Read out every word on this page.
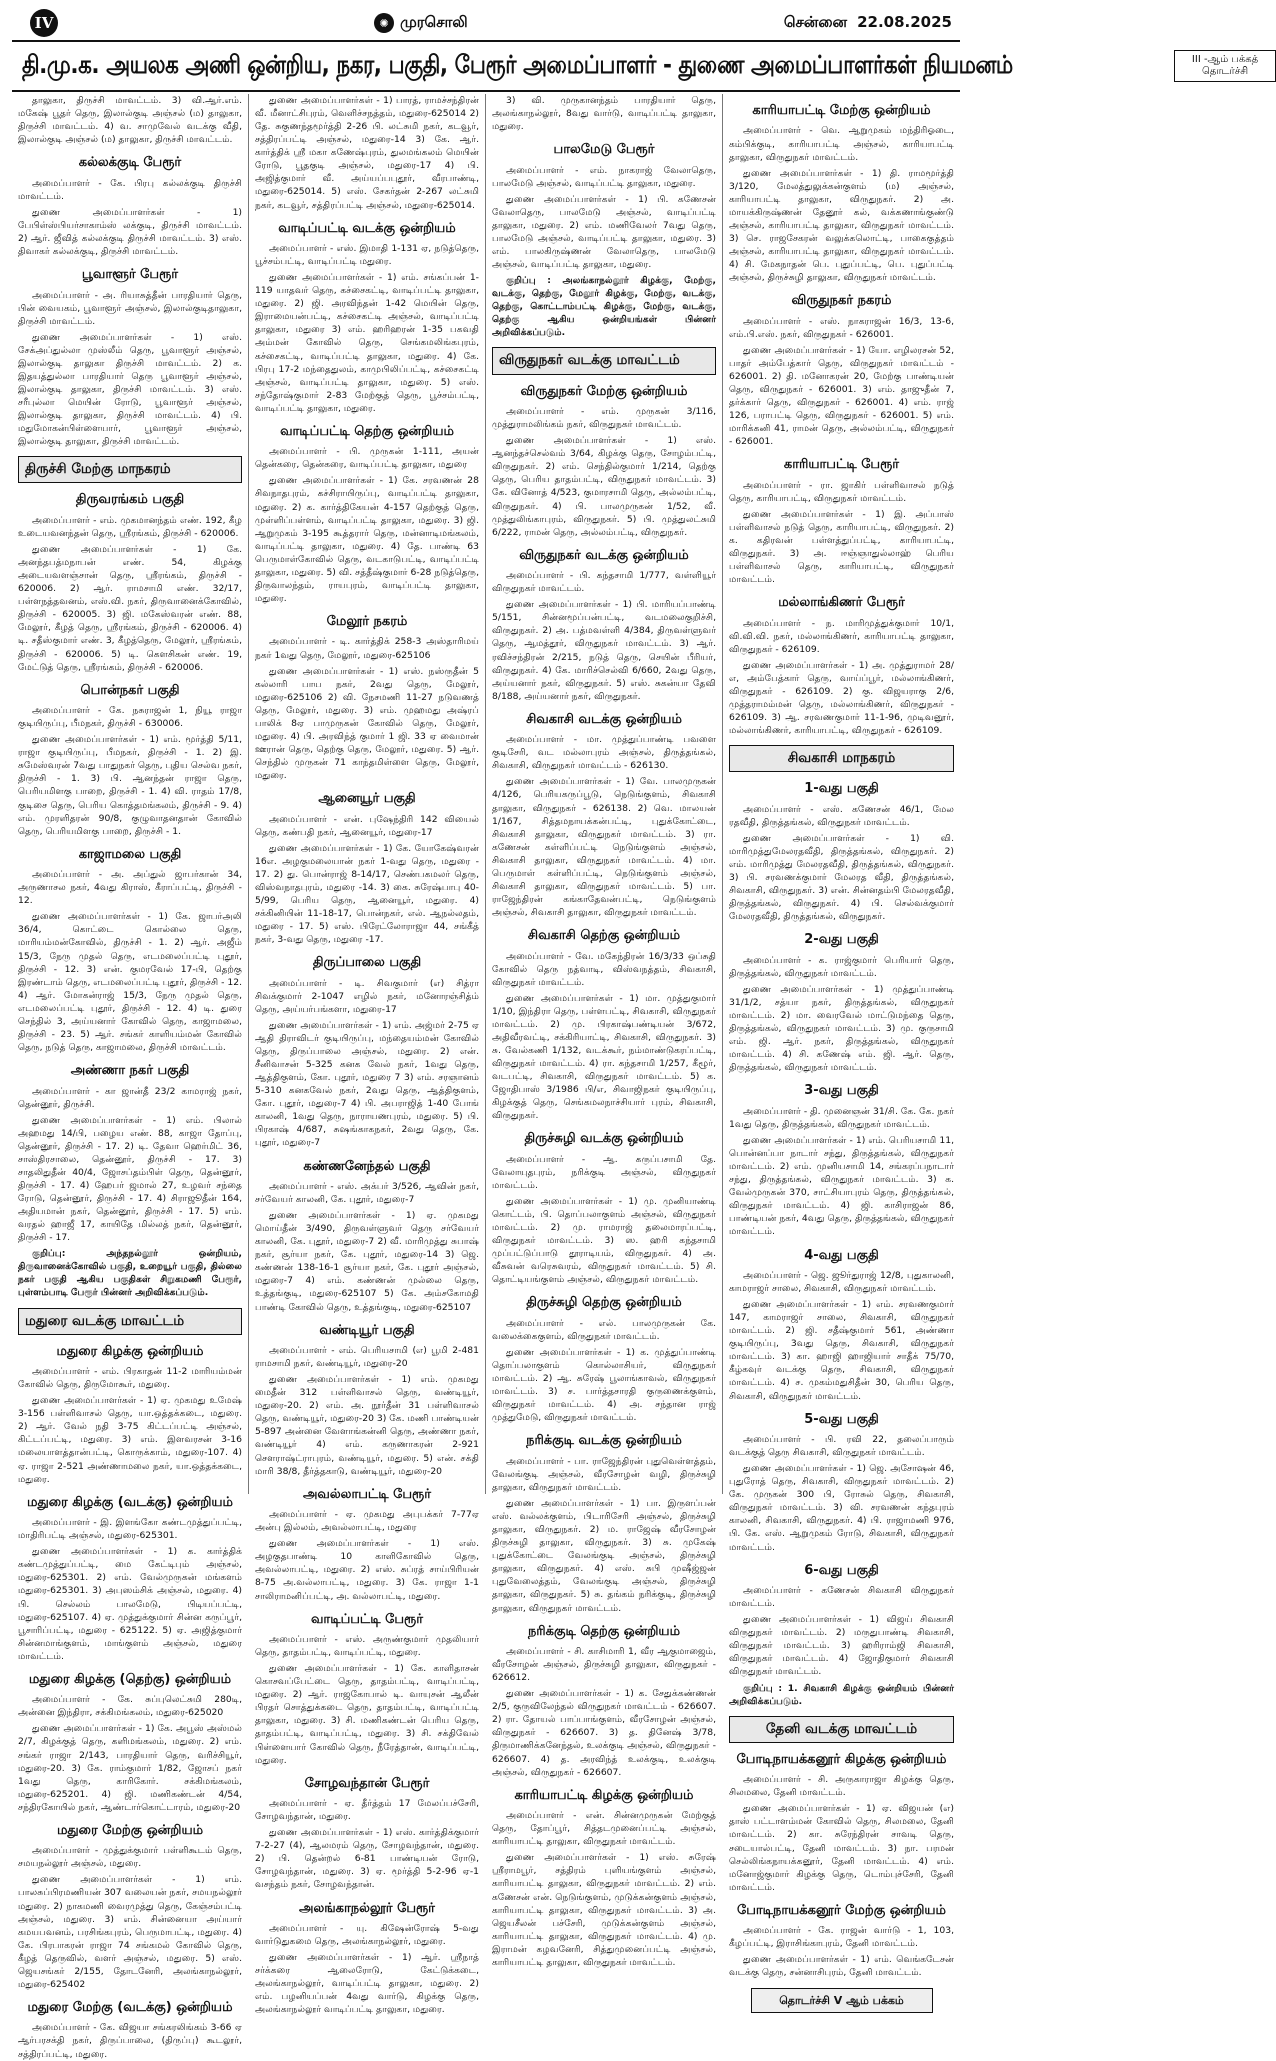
IV	✺ முரசொலி	சென்னை 22.08.2025
தி.மு.க. அயலக அணி ஒன்றிய, நகர, பகுதி, பேரூர் அமைப்பாளர் - துணை அமைப்பாளர்கள் நியமனம்	III -ஆம் பக்கத்
தொடர்ச்சி

தாலுகா, திருச்சி மாவட்டம். 3) வி.ஆர்.எம். மகேஷ் பூதர் தெரு, இலால்குடி அஞ்சல் (ம) தாலுகா, திருச்சி மாவட்டம். 4) வ. சாமுவேல் வடக்கு வீதி, இலால்குடி அஞ்சல் (ம) தாலுகா, திருச்சி மாவட்டம்.

கல்லக்குடி பேரூர்

அமைப்பாளர் - கே. பிரபு கல்லக்குடி திருச்சி மாவட்டம்.

துணை அமைப்பாளர்கள் - 1) பேபிள்ஸ்பியர்சாகாம்ஸ் லக்குடி, திருச்சி மாவட்டம். 2) ஆர். ஜீவித் கல்லக்குடி திருச்சி மாவட்டம். 3) எஸ். திவாகர் கல்லக்குடி, திருச்சி மாவட்டம்.

பூவாளூர் பேரூர்

அமைப்பாளர் - அ. ரியாசுத்தீன் பாரதியார் தெரு, பின் வையகம், பூவாளூர் அஞ்சல், இலால்குடிதாலுகா, திருச்சி மாவட்டம்.

துணை அமைப்பாளர்கள் - 1) எஸ். சேக்அப்துல்லா முஸ்லீம் தெரு, பூவாளூர் அஞ்சல், இலால்குடி தாலுகா திருச்சி மாவட்டம். 2) க. இதயத்துல்லா பாரதியார் தெரு பூவாளூர் அஞ்சல், இலால்குடி தாலுகா, திருச்சி மாவட்டம். 3) எஸ். சரீபுல்லா மெயின் ரோடு, பூவாளூர் அஞ்சல், இலால்குடி தாலுகா, திருச்சி மாவட்டம். 4) பி. மதுமோகன்பிள்ளையார், பூவாளூர் அஞ்சல், இலால்குடி தாலுகா, திருச்சி மாவட்டம்.

திருச்சி மேற்கு மாநகரம்
திருவரங்கம் பகுதி

அமைப்பாளர் - எம். முகமானந்தம் எண். 192, கீழ உடையவனந்தன் தெரு, ஸ்ரீரங்கம், திருச்சி - 620006.

துணை அமைப்பாளர்கள் - 1) கே. அனந்தபத்மநாபன் எண். 54, கிழக்கு அடையவளஞ்சான் தெரு, ஸ்ரீரங்கம், திருச்சி - 620006. 2) ஆர். ராமசாமி எண். 32/17, பள்ளநத்தவனம், எஸ்.வி. நகர், திருவானைக்கோவில், திருச்சி - 620005. 3) ஜி. மகேஸ்வரன் எண். 88, மேலூர், கீழத் தெரு, ஸ்ரீரங்கம், திருச்சி - 620006. 4) டி. சதீஸ்குமார் எண். 3, கீழத்தெரு, மேலூர், ஸ்ரீரங்கம், திருச்சி - 620006. 5) டி. கௌசிகன் எண். 19, மேட்டுத் தெரு, ஸ்ரீரங்கம், திருச்சி - 620006.

பொன்நகர் பகுதி

அமைப்பாளர் - கே. நசுராஜன் 1, நியூ ராஜா குடியிருப்பு, பீமநகர், திருச்சி - 630006.

துணை அமைப்பாளர்கள் - 1) எம். மூர்த்தி 5/11, ராஜா குடியிருப்பு, பீமநகர், திருச்சி - 1. 2) இ. சுமேஸ்வரன் 7வது பாதுநகர் தெரு, புதிய செல்வ நகர், திருச்சி - 1. 3) பி. ஆனந்தன் ராஜா தெரு, பெரியமிளகு பாறை, திருச்சி - 1. 4) வி. ராதம் 17/8, குடிசை தெரு, பெரிய கொத்தமங்கலம், திருச்சி - 9. 4) எம். முரளிதரன் 90/8, குழுவாதனதான் கோவில் தெரு, பெரியமிளகு பாறை, திருச்சி - 1.

காஜாமலை பகுதி

அமைப்பாளர் - அ. அப்துல் ஜாபர்கான் 34, அருணாசல நகர், 4வது கிராஸ், கீராப்பட்டி, திருச்சி - 12.

துணை அமைப்பாளர்கள் - 1) கே. ஜாபர்அலி 36/4, கொட்டை கொல்லை தெரு, மாரியம்மன்கோவில், திருச்சி - 1. 2) ஆர். அஜீம் 15/3, நேரு முதல் தெரு, எடமலைப்பட்டி புதூர், திருச்சி - 12. 3) என். குமரவேல் 17-பி, தெற்கு இரண்டாம் தெரு, எடமலைப்பட்டி புதூர், திருச்சி - 12. 4) ஆர். மோகன்ராஜ் 15/3, நேரு முதல் தெரு, எடமலைப்பட்டி புதூர், திருச்சி - 12. 4) டி. துரை செந்தில் 3, அய்யனார் கோவில் தெரு, காஜாமலை, திருச்சி - 23. 5) ஆர். சங்கர் காளியம்மன் கோவில் தெரு, நடுத் தெரு, காஜாமலை, திருச்சி மாவட்டம்.

அண்ணா நகர் பகுதி

அமைப்பாளர் - கா ஜான்தீ 23/2 காமராஜ் நகர், தென்னூர், திருச்சி.

துணை அமைப்பாளர்கள் - 1) எம். பிலால் அஹமது 14/பி, பழைய எண். 88, காஜா தோப்பு, தென்னூர், திருச்சி - 17. 2) டி. தேவா ஹெர்மிட் 36, சாஸ்திரசாலை, தென்னூர், திருச்சி - 17. 3) சாதலிதுதீன் 40/4, ஜோசப்தம்பிள் தெரு, தென்னூர், திருச்சி - 17. 4) ஹேபர் ஜமால் 27, உழவர் சந்தை ரோடு, தென்னூர், திருச்சி - 17. 4) சிராஜூதீன் 164, அதியமான் நகர், தென்னூர், திருச்சி - 17. 5) எம். வரதல் ஹாஜீ 17, காயிதே மில்லத் நகர், தென்னூர், திருச்சி - 17.

குறிப்பு: அந்தநல்லூர் ஒன்றியம், திருவானைக்கோவில் பகுதி, உறையூர் பகுதி, தில்லை நகர் பகுதி ஆகிய பகுதிகள் சிறுகமணி பேரூர், புள்ளம்பாடி பேரூர் பின்னர் அறிவிக்கப்படும்.

மதுரை வடக்கு மாவட்டம்
மதுரை கிழக்கு ஒன்றியம்

அமைப்பாளர் - எம். பிரகாதன் 11-2 மாரியம்மன் கோவில் தெரு, திருமோகூர், மதுரை.

துணை அமைப்பாளர்கள் - 1) ஏ. முகமது உமேஷ் 3-156 பள்ளிவாசல் தெரு, யா.ஒத்தக்கடை, மதுரை. 2) ஆர். வேல் நதி 3-75 கிட்டப்பட்டி அஞ்சல், கிட்டப்பட்டி, மதுரை. 3) எம். இளவரசன் 3-16 மலையாளத்தான்பட்டி, கொருக்காம், மதுரை-107. 4) ஏ. ராஜா 2-521 அண்ணாமலை நகர், யா.ஒத்தக்கடை, மதுரை.

மதுரை கிழக்கு (வடக்கு) ஒன்றியம்

அமைப்பாளர் - இ. இளங்கோ கண்டமுத்துப்பட்டி, மாதிரிபட்டி அஞ்சல், மதுரை-625301.

துணை அமைப்பாளர்கள் - 1) க. கார்த்திக் கண்டமுத்துப்பட்டி, மை கேட்டிபும் அஞ்சல், மதுரை-625301. 2) எம். வேல்முருகன் மங்களம் மதுரை-625301. 3) அபுஸம்சிக் அஞ்சல், மதுரை. 4) பி. செல்லம் பாலமேடு, பிடியப்பட்டி, மதுரை-625107. 4) ஏ. முத்துக்குமார் சின்ன கருப்பூர், பூசாரிப்பட்டி, மதுரை - 625122. 5) ஏ. அஜித்குமார் சின்னமாங்குளம், மாங்குளம் அஞ்சல், மதுரை மாவட்டம்.

மதுரை கிழக்கு (தெற்கு) ஒன்றியம்

அமைப்பாளர் - கே. சுப்புலெட்சுமி 280டி, அன்னை இந்திரா, சக்கிமங்கலம், மதுரை-625020

துணை அமைப்பாளர்கள் - 1) கே. அபூஸ் அஸ்மல் 2/7, கிழக்குத் தெரு, களிமங்கலம், மதுரை. 2) எம். சங்கர் ராஜா 2/143, பாரதியார் தெரு, வரிச்சியூர், மதுரை-20. 3) கே. ராம்குமார் 1/82, ஜோசப் நகர் 1வது தெரு, காரிகோர். சக்கிமங்கலம், மதுரை-625201. 4) ஜி. மணிகண்டன் 4/54, சந்திரகோயில் நகர், ஆண்டார்கொட்டாரம், மதுரை-20

மதுரை மேற்கு ஒன்றியம்

அமைப்பாளர் - முத்துக்குமார் பள்ளிகூடம் தெரு, சமயநல்லூர் அஞ்சல், மதுரை.

துணை அமைப்பாளர்கள் - 1) எம். பாலசுப்பிரமணியன் 307 வலையன் நகர், சமயநல்லூர் மதுரை. 2) நாகமணி வைரமுத்து தெரு, கேஞ்சம்பட்டி அஞ்சல், மதுரை. 3) எம். சின்னையா அய்யார் கமயபவனம், பரசிங்கபுரம், பெருமாபட்டி, மதுரை. 4) கே. பிரபாகரன் ராஜா 74 சங்கமல் கோவில் தெரு, கீழத் தெருவில், வளர் அஞ்சல், மதுரை. 5) எஸ். ஜெயசங்கர் 2/155, தோடனேரி, அலங்காநல்லூர், மதுரை-625402

மதுரை மேற்கு (வடக்கு) ஒன்றியம்

அமைப்பாளர் - கே. விஜயா சங்கரலிங்கம் 3-66 ஏ ஆர்பரசக்தி நகர், திருப்பாலை, (திருப்பு) கூடலூர், சத்திரப்பட்டி, மதுரை.

துணை அமைப்பாளர்கள் - 1) பாரத், ராமச்சந்திரன் வீ. மீனாட்சிபுரம், வெளிச்சநத்தம், மதுரை-625014 2) தே. சுகுணந்தமூர்த்தி 2-26 பி. லட்சுமி நகர், கடவூர், சத்திரப்பட்டி அஞ்சல், மதுரை-14 3) கே. ஆர். கார்த்திக் ஸ்ரீ மகா கணேஷ்புரம், துலமங்கலம் மெயின் ரோடு, பூதகுடி அஞ்சல், மதுரை-17 4) பி. அஜித்குமார் வீ. அய்யப்பபுதூர், வீரபாண்டி, மதுரை-625014. 5) எஸ். சேகர்தன் 2-267 லட்சுமி நகர், கடவூர், சத்திரப்பட்டி அஞ்சல், மதுரை-625014.

வாடிப்பட்டி வடக்கு ஒன்றியம்

அமைப்பாளர் - எஸ். இமாதி 1-131 ஏ, நடுத்தெரு, பூச்சம்பட்டி, வாடிப்பட்டி மதுரை.

துணை அமைப்பாளர்கள் - 1) எம். சங்கப்பன் 1-119 யாதவர் தெரு, கச்சைகட்டி, வாடிப்பட்டி தாலுகா, மதுரை. 2) ஜி. அரவிந்தன் 1-42 மெயின் தெரு, இராமையன்பட்டி, கச்சைகட்டி அஞ்சல், வாடிப்பட்டி தாலுகா, மதுரை 3) எம். ஹரிஹரன் 1-35 பகவதி அம்மன் கோவில் தெரு, செங்கமலிங்கபுரம், கச்சைகட்டி, வாடிப்பட்டி தாலுகா, மதுரை. 4) கே. பிரபு 17-2 மந்தைதுலம், காமுபிலிப்பட்டி, கச்சைகட்டி அஞ்சல், வாடிப்பட்டி தாலுகா, மதுரை. 5) எஸ். சந்தோஷ்குமார் 2-83 மேற்குத் தெரு, பூச்சம்பட்டி, வாடிப்பட்டி தாலுகா, மதுரை.

வாடிப்பட்டி தெற்கு ஒன்றியம்

அமைப்பாளர் - பி. முருகன் 1-111, அயன் தென்கரை, தென்கரை, வாடிப்பட்டி தாலுகா, மதுரை

துணை அமைப்பாளர்கள் - 1) கே. சரவணன் 28 சிவநாதபுரம், கச்சிராயிருப்பு, வாடிப்பட்டி தாலுகா, மதுரை. 2) க. கார்த்திகேயன் 4-157 தெற்குத் தெரு, முள்ளிப்பள்ளம், வாடிப்பட்டி தாலுகா, மதுரை. 3) ஜி. ஆறுமுகம் 3-195 கூத்தரார் தெரு, மன்னாடிமங்கலம், வாடிப்பட்டி தாலுகா, மதுரை. 4) தே. பாண்டி 63 பெருமாள்கோவில் தெரு, வடகாடுபட்டி, வாடிப்பட்டி தாலுகா, மதுரை. 5) வி. சத்தீஷ்குமார் 6-28 நடுத்தெரு, திருவாலந்தம், ராயபுரம், வாடிப்பட்டி தாலுகா, மதுரை.

மேலூர் நகரம்

அமைப்பாளர் - டி. கார்த்திக் 258-3 அஸ்தாரிமய் நகர் 1வது தெரு, மேலூர், மதுரை-625106

துணை அமைப்பாளர்கள் - 1) எஸ். நஸ்ருதீன் 5 கல்லாரி பாய நகர், 2வது தெரு, மேலூர், மதுரை-625106 2) வி. நேசமணி 11-27 நடுவணத் தெரு, மேலூர், மதுரை. 3) எம். முஹமது அஷ்ரப் பாலிக் 8ஏ பாமுருகன் கோவில் தெரு, மேலூர், மதுரை. 4) பி. அரவிந்த் குமார் 1 ஜி. 33 ஏ வைமான் ஊரான் தெரு, தெற்கு தெரு, மேலூர், மதுரை. 5) ஆர். செந்தில் முருகன் 71 காந்தமிள்ளை தெரு, மேலூர், மதுரை.

ஆனையூர் பகுதி

அமைப்பாளர் - என். புஷேந்திரி 142 வியைல் தெரு, கண்பதி நகர், ஆனையூர், மதுரை-17

துணை அமைப்பாளர்கள் - 1) கே. யோகேஷ்வரன் 16எ. அழகுமலையான் நகர் 1-வது தெரு, மதுரை - 17. 2) து. பொன்ராஜ் 8-14/17, செண்பகமலர் தெரு, விஸ்வநாதபுரம், மதுரை -14. 3) கை. சுரேஷ்பாபு 40-5/99, பெரிய தெரு, ஆனையூர், மதுரை. 4) சக்கினியின் 11-18-17, பொன்நகர், எல். ஆநல்லதம், மதுரை - 17. 5) எஸ். பிரேட்லோராஜா 44, சங்கீத் நகர், 3-வது தெரு, மதுரை -17.

திருப்பாலை பகுதி

அமைப்பாளர் - டி. சிவகுமார் (எ) சித்ரா சிவக்குமார் 2-1047 எழில் நகர், மனோரஞ்சித்ம் தெரு, அய்யர்பங்களா, மதுரை-17

துணை அமைப்பாளர்கள் - 1) எம். அஜ்மர் 2-75 ஏ ஆதி திராவிடர் குடியிருப்பு, மந்தையம்மன் கோவில் தெரு, திருப்பாலை அஞ்சல், மதுரை. 2) என். சீனிவாசன் 5-325 கனக வேல் நகர், 1வது தெரு, ஆத்திகுளம், கோ. புதூர், மதுரை 7 3) எம். சரஞானம் 5-310 கனகவேல் நகர், 2வது தெரு, ஆத்திகுளம், கோ. புதூர், மதுரை-7 4) பி. அபராஜித் 1-40 போங் காலனி, 1வது தெரு, நாராயணபுரம், மதுரை. 5) பி. பிரகாஷ் 4/687, சுஷங்காகநகர், 2வது தெரு, கே. புதூர், மதுரை-7

கண்ணனேந்தல் பகுதி

அமைப்பாளர் - எஸ். அக்பர் 3/526, ஆவின் நகர், சர்வேயர் காலனி, கே. புதூர், மதுரை-7

துணை அமைப்பாளர்கள் - 1) ஏ. முகமது மொய்தீன் 3/490, திருவள்ளுவர் தெரு சர்வேயர் காலனி, கே. புதூர், மதுரை-7 2) வீ. மாரிமுத்து சுபாஷ் நகர், சூர்யா நகர், கே. புதூர், மதுரை-14 3) ஜெ. கண்ணன் 138-16-1 சூர்யா நகர், கே. புதூர் அஞ்சல், மதுரை-7 4) எம். கண்ணன் முல்லை தெரு, உத்தங்குடி, மதுரை-625107 5) கே. அம்சகோமதி பாண்டி கோவில் தெரு, உத்தங்குடி, மதுரை-625107

வண்டியூர் பகுதி

அமைப்பாளர் - எம். பெரியசாமி (எ) பூமி 2-481 ராமசாமி நகர், வண்டியூர், மதுரை-20

துணை அமைப்பாளர்கள் - 1) எம். முகமது மைதீன் 312 பள்ளிவாசல் தெரு, வண்டியூர், மதுரை-20. 2) எம். அ. நூர்தீன் 31 பள்ளிவாசல் தெரு, வண்டியூர், மதுரை-20 3) கே. மணி பாண்டியன் 5-897 அன்னை வேளாங்கன்னி தெரு, அண்ணா நகர், வண்டியூர் 4) எம். கருணாகரன் 2-921 செளராஷ்ட்ராபுரம், வண்டியூர், மதுரை. 5) என். சக்தி மாரி 38/8, தீர்த்தகாடு, வண்டியூர், மதுரை-20

அவல்லாபட்டி பேரூர்

அமைப்பாளர் - ஏ. முகமது அபுபக்கர் 7-77ஏ அன்பு இல்லம், அவல்லாபட்டி, மதுரை

துணை அமைப்பாளர்கள் - 1) எஸ். அழகுதபாண்டி 10 காளிகோவில் தெரு, அவல்லாபட்டி, மதுரை. 2) எஸ். சுப்ரத் சாய்பிரியன் 8-75 அ.வல்லாபட்டி, மதுரை. 3) கே. ராஜா 1-1 சாலிராமனிப்பட்டி, அ. வல்லாபட்டி, மதுரை.

வாடிப்பட்டி பேரூர்

அமைப்பாளர் - எஸ். அருண்குமார் முதலியார் தெரு, தாதம்பட்டி, வாடிப்பட்டி, மதுரை.

துணை அமைப்பாளர்கள் - 1) கே. காளிதாசன் கொசவப்பேட்டை தெரு, தாதம்பட்டி, வாடிப்பட்டி, மதுரை. 2) ஆர். ராஜகோபால் டி. வாயுசன் ஆலீன் பிரதர் சொத்துக்கடை தெரு, தாதம்பட்டி, வாடிப்பட்டி தாலுகா, மதுரை. 3) சி. மணிகண்டன் பெரிய தெரு, தாதம்பட்டி, வாடிப்பட்டி, மதுரை. 3) சி. சக்திவேல் பிள்ளையார் கோவில் தெரு, நீரேத்தான், வாடிப்பட்டி, மதுரை.

சோழவந்தான் பேரூர்

அமைப்பாளர் - ஏ. தீர்த்தம் 17 மேலப்பச்சேரி, சோழவந்தான், மதுரை.

துணை அமைப்பாளர்கள் - 1) எஸ். கார்த்திக்குமார் 7-2-27 (4), ஆலமரம் தெரு, சோழவந்தான், மதுரை. 2) பி. தென்றல் 6-81 பாண்டியன் ரோடு, சோழவந்தான், மதுரை. 3) ஏ. மூர்த்தி 5-2-96 ஏ-1 வசந்தம் நகர், சோழவந்தான்.

அலங்காநல்லூர் பேரூர்

அமைப்பாளர் - யு. கிஷேன்ரோஷ் 5-வது வார்டுதுகமை தெரு, அலங்காநல்லூர், மதுரை.

துணை அமைப்பாளர்கள் - 1) ஆர். ஸ்ரீநாத் சர்க்கரை ஆலைரோடு, கேட்டுக்கடை, அலங்காநல்லூர், வாடிப்பட்டி தாலுகா, மதுரை. 2) எம். பழனியப்பன் 4வது வார்டு, கிழக்கு தெரு, அலங்காநல்லூர் வாடிப்பட்டி தாலுகா, மதுரை.

3) வி. முருகானந்தம் பாரதியார் தெரு, அலங்காநல்லூர், 8வது வார்டு, வாடிப்பட்டி தாலுகா, மதுரை.

பாலமேடு பேரூர்

அமைப்பாளர் - எம். நாகராஜ் வேலாதெரு, பாலமேடு அஞ்சல், வாடிப்பட்டி தாலுகா, மதுரை.

துணை அமைப்பாளர்கள் - 1) பி. கணேசன் வேலாதெரு, பாலமேடு அஞ்சல், வாடிப்பட்டி தாலுகா, மதுரை. 2) எம். மணிவேலர் 7வது தெரு, பாலமேடு அஞ்சல், வாடிப்பட்டி தாலுகா, மதுரை. 3) எம். பாலகிருஷ்ணன் வேலாதெரு, பாலமேடு அஞ்சல், வாடிப்பட்டி தாலுகா, மதுரை.

குறிப்பு : அலங்காநல்லூர் கிழக்கு, மேற்கு, வடக்கு, தெற்கு, மேலூர் கிழக்கு, மேற்கு, வடக்கு, தெற்கு, கொட்டாம்பட்டி கிழக்கு, மேற்கு, வடக்கு, தெற்கு ஆகிய ஒன்றியங்கள் பின்னர் அறிவிக்கப்படும்.

விருதுநகர் வடக்கு மாவட்டம்
விருதுநகர் மேற்கு ஒன்றியம்

அமைப்பாளர் - எம். முருகன் 3/116, முத்துராமலிங்கம் நகர், விருதுநகர் மாவட்டம்.

துணை அமைப்பாளர்கள் - 1) எஸ். ஆனந்தச்செல்வம் 3/64, கிழக்கு தெரு, சோழம்பட்டி, விருதுநகர். 2) எம். செந்தில்குமார் 1/214, தெற்கு தெரு, பெரிய தாதம்பட்டி, விருதுநகர் மாவட்டம். 3) கே. வினோத் 4/523, குமாரசாமி தெரு, அல்லம்பட்டி, விருதுநகர். 4) பி. பாலமுருகன் 1/52, வீ. முத்துலிங்காபுரம், விருதுநகர். 5) பி. முத்துலட்சுமி 6/222, ராமன் தெரு, அல்லம்பட்டி, விருதுநகர்.

விருதுநகர் வடக்கு ஒன்றியம்

அமைப்பாளர் - பி. கந்தசாமி 1/777, வள்ளியூர் விருதுநகர் மாவட்டம்.

துணை அமைப்பாளர்கள் - 1) பி. மாரியப்பாண்டி 5/151, சின்னமூப்பன்பட்டி, வடமலைகுறிச்சி, விருதுநகர். 2) அ. பத்மவள்ளி 4/384, திருவள்ளுவர் தெரு, ஆமத்தூர், விருதுநகர் மாவட்டம். 3) ஆர். ரவிச்சந்திரன் 2/215, நடுத் தெரு, செயின் பீரியர், விருதுநகர். 4) கே. மாரிச்செல்வி 6/660, 2வது தெரு, அய்யனார் நகர், விருதுநகர். 5) எஸ். சுகன்யா தேவி 8/188, அய்யனார் நகர், விருதுநகர்.

சிவகாசி வடக்கு ஒன்றியம்

அமைப்பாளர் - மா. முத்துப்பாண்டி பவளை குடிசேரி, வட மல்லாபுரம் அஞ்சல், திருத்தங்கல், சிவகாசி, விருதுநகர் மாவட்டம் - 626130.

துணை அமைப்பாளர்கள் - 1) வே. பாலமுருகன் 4/126, பெரியகருப்பூடு, நெடுங்குளம், சிவகாசி தாலுகா, விருதுநகர் - 626138. 2) வெ. மாலயன் 1/167, சித்தமநாயக்கன்பட்டி, புதுக்கோட்டை, சிவகாசி தாலுகா, விருதுநகர் மாவட்டம். 3) ரா. கணேசன் கள்ளிப்பட்டி நெடுங்குளம் அஞ்சல், சிவகாசி தாலுகா, விருதுநகர் மாவட்டம். 4) மா. பெருமாள் கள்ளிப்பட்டி, நெடுங்குளம் அஞ்சல், சிவகாசி தாலுகா, விருதுநகர் மாவட்டம். 5) பா. ராஜேந்திரன் கங்காதேவன்பட்டி, நெடுங்குளம் அஞ்சல், சிவகாசி தாலுகா, விருதுநகர் மாவட்டம்.

சிவகாசி தெற்கு ஒன்றியம்

அமைப்பாளர் - வே. மகேந்திரன் 16/3/33 ஒப்சுதி கோவில் தெரு நத்வாடி, விஸ்வநத்தம், சிவகாசி, விருதுநகர் மாவட்டம்.

துணை அமைப்பாளர்கள் - 1) மா. முத்துகுமார் 1/10, இந்திரா தெரு, பள்ளபட்டி, சிவகாசி, விருதுநகர் மாவட்டம். 2) மு. பிரகாஷ்பண்டியன் 3/672, அதிவீரவட்டி, சக்கிரியாட்டி, சிவகாசி, விருதுநகர். 3) சு. வேல்கணி 1/132, வடக்கூர், நம்மாண்டுகரப்பட்டி, விருதுநகர் மாவட்டம். 4) ரா. கந்தசாமி 1/257, கீழூர், வடபட்டி, சிவகாசி, விருதுநகர் மாவட்டம். 5) க. ஜோதிபாஸ் 3/1986 பி/எ, சிவாஜிநகர் குடியிருப்பு, கிழக்குத் தெரு, செங்கமலநாச்சியார் புரம், சிவகாசி, விருதுநகர்.

திருச்சுழி வடக்கு ஒன்றியம்

அமைப்பாளர் - ஆ. கருப்பசாமி தே. வேலாயுதபுரம், நரிக்குடி அஞ்சல், விருதுநகர் மாவட்டம்.

துணை அமைப்பாளர்கள் - 1) மு. முனியாண்டி கொட்டம், பி. தொப்பலாகுளம் அஞ்சல், விருதுநகர் மாவட்டம். 2) மு. ராமராஜ் தலைமாரப்பட்டி, விருதுநகர் மாவட்டம். 3) ஸ. ஹரி கந்தசாமி முப்பட்டுப்பாடு தூராடியம், விருதுநகர். 4) அ. வீசுவன் வரெசுவரம், விருதுநகர் மாவட்டம். 5) சி. தொட்டியங்குளம் அஞ்சல், விருதுநகர் மாவட்டம்.

திருச்சுழி தெற்கு ஒன்றியம்

அமைப்பாளர் - எல். பாலமுருகன் கே. வலைக்கைகுளம், விருதுநகர் மாவட்டம்.

துணை அமைப்பாளர்கள் - 1) க. முத்துப்பாண்டி தொப்பலாகுளம் கொல்லாசியர், விருதுநகர் மாவட்டம். 2) ஆ. சுரேஷ் பூலாங்காவல், விருதுநகர் மாவட்டம். 3) ச. பார்த்தசாரதி குருணைக்குளம், விருதுநகர் மாவட்டம். 4) அ. சந்தான ராஜ் முத்துமேடு, விருதுநகர் மாவட்டம்.

நரிக்குடி வடக்கு ஒன்றியம்

அமைப்பாளர் - பா. ராஜேந்திரன் புதுவெள்ளத்தம், வேலங்குடி அஞ்சல், வீரசோழன் வழி, திருச்சுழி தாலுகா, விருதுநகர் மாவட்டம்.

துணை அமைப்பாளர்கள் - 1) பா. இருளப்பன் எஸ். வல்லக்குளம், பிடாரிசேரி அஞ்சல், திருச்சுழி தாலுகா, விருதுநகர். 2) ம. ராஜேஷ் வீரசோழன் திருச்சுழி தாலுகா, விருதுநகர். 3) சு. முகேஷ் புதுக்கோட்டை வேலங்குடி அஞ்சல், திருச்சுழி தாலுகா, விருதுநகர். 4) எஸ். சுபி முஷீஜ்ஜன் புதுவேலைத்தம், வேலங்குடி அஞ்சல், திருச்சுழி தாலுகா, விருதுநகர். 5) சு. தங்கம் நரிக்குடி, திருச்சுழி தாலுகா, விருதுநகர் மாவட்டம்.

நரிக்குடி தெற்கு ஒன்றியம்

அமைப்பாளர் - சி. காசிமாரி 1, வீர ஆகுமாஜைம், வீரசோழன் அஞ்சல், திருச்சுழி தாலுகா, விருதுநகர் - 626612.

துணை அமைப்பாளர்கள் - 1) க. சேதுக்கண்ணன் 2/5, குருவிலேந்தல் விருதுநகர் மாவட்டம் - 626607. 2) ரா. தோயல் பாப்பாங்குளம், வீரசோழன் அஞ்சல், விருதுநகர் - 626607. 3) த. தினேஷ் 3/78, திருமாணிக்கனேந்தல், உலக்குடி அஞ்சல், விருதுநகர் - 626607. 4) த. அரவிந்த் உலக்குடி, உலக்குடி அஞ்சல், விருதுநகர் - 626607.

காரியாபட்டி கிழக்கு ஒன்றியம்

அமைப்பாளர் - என். சின்னமுருகன் மேற்குத் தெரு, தோப்பூர், சித்தடமுனைப்பட்டி அஞ்சல், காரியாபட்டி தாலுகா, விருதுநகர் மாவட்டம்.

துணை அமைப்பாளர்கள் - 1) எஸ். சுரேஷ் ஸ்ரீராமபூர், சத்திரம் புளியங்குளம் அஞ்சல், காரியாபட்டி தாலுகா, விருதுநகர் மாவட்டம். 2) எம். கணேசன் என். நெடுங்குளம், முடுக்கன்குளம் அஞ்சல், காரியாபட்டி தாலுகா, விருதுநகர் மாவட்டம். 3) அ. ஜெயசீலன் பச்சேரி, முடுக்கன்குளம் அஞ்சல், காரியாபட்டி தாலுகா, விருதுநகர் மாவட்டம். 4) மு. இராமன் கழவனேரி, சித்துமுனைப்பட்டி அஞ்சல், காரியாபட்டி தாலுகா, விருதுநகர் மாவட்டம்.

காரியாபட்டி மேற்கு ஒன்றியம்

அமைப்பாளர் - வெ. ஆறுமுகம் மந்திரிஓடை, கம்பிக்குடி, காரியாபட்டி அஞ்சல், காரியாபட்டி தாலுகா, விருதுநகர் மாவட்டம்.

துணை அமைப்பாளர்கள் - 1) தி. ராமமூர்த்தி 3/120, மேலத்துலுக்கன்குளம் (ம) அஞ்சல், காரியாபட்டி தாலுகா, விருதுநகர். 2) அ. மாயக்கிருஷ்ணன் தேனூர் கல், வக்கணாங்குண்டு அஞ்சல், காரியாபட்டி தாலுகா, விருதுநகர் மாவட்டம். 3) செ. ராஜசேகரன் வலுக்கலொட்டி, பாகைகுத்தம் அஞ்சல், காரியாபட்டி தாலுகா, விருதுநகர் மாவட்டம். 4) சி. மேகநாதன் பெ. புதுப்பட்டி, பெ. புதுப்பட்டி அஞ்சல், திருச்சுழி தாலுகா, விருதுநகர் மாவட்டம்.

விருதுநகர் நகரம்

அமைப்பாளர் - எஸ். நாகராஜன் 16/3, 13-6, எம்.பி.எஸ். நகர், விருதுநகர் - 626001.

துணை அமைப்பாளர்கள் - 1) யோ. எழிலரசன் 52, பாதர் அம்பேத்கார் தெரு, விருதுநகர் மாவட்டம் - 626001. 2) தி. மனோகரன் 20, மேற்கு பாண்டியன் தெரு, விருதுநகர் - 626001. 3) எம். தாஜுதீன் 7, தர்க்கார் தெரு, விருதுநகர் - 626001. 4) எம். ராஜ் 126, பராபட்டி தெரு, விருதுநகர் - 626001. 5) எம். மாரிக்கனி 41, ராமன் தெரு, அல்லம்பட்டி, விருதுநகர் - 626001.

காரியாபட்டி பேரூர்

அமைப்பாளர் - ரா. ஜாகிர் பள்ளிவாசல் நடுத் தெரு, காரியாபட்டி, விருதுநகர் மாவட்டம்.

துணை அமைப்பாளர்கள் - 1) இ. அப்பாஸ் பள்ளிவாசல் நடுத் தெரு, காரியாபட்டி, விருதுநகர். 2) க. கதிரவன் பள்ளத்துப்பட்டி, காரியாபட்டி, விருதுநகர். 3) அ. ஈஞ்ஞாதுல்லாஹ் பெரிய பள்ளிவாசல் தெரு, காரியாபட்டி, விருதுநகர் மாவட்டம்.

மல்லாங்கிணர் பேரூர்

அமைப்பாளர் - ந. மாரிமுத்துக்குமார் 10/1, வி.வி.வி. நகர், மல்லாங்கிணர், காரியாபட்டி தாலுகா, விருதுநகர் - 626109.

துணை அமைப்பாளர்கள் - 1) அ. முத்துராமர் 28/எ, அம்பேத்கார் தெரு, வாய்ப்பூர், மல்லாங்கிணர், விருதுநகர் - 626109. 2) கு. விஜயராகு 2/6, முத்தராமம்மன் தெரு, மல்லாங்கிணர், விருதுநகர் - 626109. 3) ஆ. சரவணகுமார் 11-1-96, முடிவனூர், மல்லாங்கிணர், காரியாபட்டி, விருதுநகர் - 626109.

சிவகாசி மாநகரம்
1-வது பகுதி

அமைப்பாளர் - எஸ். கணேசன் 46/1, மேல ரதவீதி, திருத்தங்கல், விருதுநகர் மாவட்டம்.

துணை அமைப்பாளர்கள் - 1) வி. மாரிமுத்துமேலரதவீதி, திருத்தங்கல், விருதுநகர். 2) எம். மாரிமுத்து மேலரதவீதி, திருத்தங்கல், விருதுநகர். 3) பி. சரவணக்குமார் மேலரத வீதி, திருத்தங்கல், சிவகாசி, விருதுநகர். 3) என். சின்னதம்பி மேலரதவீதி, திருத்தங்கல், விருதுநகர். 4) பி. செல்வக்குமார் மேலரதவீதி, திருத்தங்கல், விருதுநகர்.

2-வது பகுதி

அமைப்பாளர் - க. ராஜ்குமார் பெரியார் தெரு, திருத்தங்கல், விருதுநகர் மாவட்டம்.

துணை அமைப்பாளர்கள் - 1) முத்துப்பாண்டி 31/1/2, சத்யா நகர், திருத்தங்கல், விருதுநகர் மாவட்டம். 2) மா. வைரவேல் மாட்டுமந்தை தெரு, திருத்தங்கல், விருதுநகர் மாவட்டம். 3) மு. குருசாமி எம். ஜி. ஆர். நகர், திருத்தங்கல், விருதுநகர் மாவட்டம். 4) சி. கணேஷ் எம். ஜி. ஆர். தெரு, திருத்தங்கல், விருதுநகர் மாவட்டம்.

3-வது பகுதி

அமைப்பாளர் - தி. முனைஞன் 31/சி. கே. கே. நகர் 1வது தெரு, திருத்தங்கல், விருதுநகர் மாவட்டம்.

துணை அமைப்பாளர்கள் - 1) எம். பெரியசாமி 11, பொன்னப்பா நாடார் சந்து, திருத்தங்கல், விருதுநகர் மாவட்டம். 2) எம். முனியசாமி 14, சங்கரப்பநாடார் சந்து, திருத்தங்கல், விருதுநகர் மாவட்டம். 3) க. வேல்முருகன் 370, சாட்சியாபுரம் தெரு, திருத்தங்கல், விருதுநகர் மாவட்டம். 4) ஜி. காசிராஜன் 86, பாண்டியன் நகர், 4வது தெரு, திருத்தங்கல், விருதுநகர் மாவட்டம்.

4-வது பகுதி

அமைப்பாளர் - ஜெ. ஜூர்துராஜ் 12/8, புதுகாலனி, காமராஜர் சாலை, சிவகாசி, விருதுநகர் மாவட்டம்.

துணை அமைப்பாளர்கள் - 1) எம். சரவணகுமார் 147, காமராஜர் சாலை, சிவகாசி, விருதுநகர் மாவட்டம். 2) ஜி. சதீஷ்குமார் 561, அண்ணா குடியிருப்பு, 3வது தெரு, சிவகாசி, விருதுநகர் மாவட்டம். 3) கா. ஹாஜி ஹாஜியார் சாதீக் 75/70, கீழ்கவுர் வடக்கு தெரு, சிவகாசி, விருதுநகர் மாவட்டம். 4) ச. முகம்மதுசிதீன் 30, பெரிய தெரு, சிவகாசி, விருதுநகர் மாவட்டம்.

5-வது பகுதி

அமைப்பாளர் - பி. ரவி 22, தலைப்பாரும் வடக்குத் தெரு சிவகாசி, விருதுநகர் மாவட்டம்.

துணை அமைப்பாளர்கள் - 1) ஜெ. அசோஷன் 46, புதுரோத் தெரு, சிவகாசி, விருதுநகர் மாவட்டம். 2) கே. முருகன் 300 பி, ரோசுல் தெரு, சிவகாசி, விருதுநகர் மாவட்டம். 3) வி. சரவணன் கந்தபுரம் காலனி, சிவகாசி, விருதுநகர். 4) பி. ராஜாமணி 976, பி. கே. எஸ். ஆறுமுகம் ரோடு, சிவகாசி, விருதுநகர் மாவட்டம்.

6-வது பகுதி

அமைப்பாளர் - கணேசன் சிவகாசி விருதுநகர் மாவட்டம்.

துணை அமைப்பாளர்கள் - 1) விஜய் சிவகாசி விருதுநகர் மாவட்டம். 2) மருதுபாண்டி சிவகாசி, விருதுநகர் மாவட்டம். 3) ஹரிராம்ஜி சிவகாசி, விருதுநகர் மாவட்டம். 4) ஜோதிகுமார் சிவகாசி விருதுநகர் மாவட்டம்.

குறிப்பு : 1. சிவகாசி கிழக்கு ஒன்றியம் பின்னர் அறிவிக்கப்படும்.

தேனி வடக்கு மாவட்டம்
போடிநாயக்கனூர் கிழக்கு ஒன்றியம்

அமைப்பாளர் - சி. அருகாராஜா கிழக்கு தெரு, சிலமலை, தேனி மாவட்டம்.

துணை அமைப்பாளர்கள் - 1) ஏ. விஜயன் (எ) தாஸ் பட்டாளம்மன் கோவில் தெரு, சிலமலை, தேனி மாவட்டம். 2) கா. சுரேந்திரன் சாவடி தெரு, சடையால்பட்டி, தேனி மாவட்டம். 3) நா. பரமன் செல்லிங்கநாயக்கனூர், தேனி மாவட்டம். 4) எம். மனோஜ்குமார் கிழக்கு தெரு, டொம்புச்சேரி, தேனி மாவட்டம்.

போடிநாயக்கனூர் மேற்கு ஒன்றியம்

அமைப்பாளர் - கே. ராஜன் வார்டு - 1, 103, கீழப்பட்டி, இராசிங்காபுரம், தேனி மாவட்டம்.

துணை அமைப்பாளர்கள் - 1) எம். வெங்கடேசன் வடக்கு தெரு, சன்னாசிபுரம், தேனி மாவட்டம்.

தொடர்ச்சி V ஆம் பக்கம்
